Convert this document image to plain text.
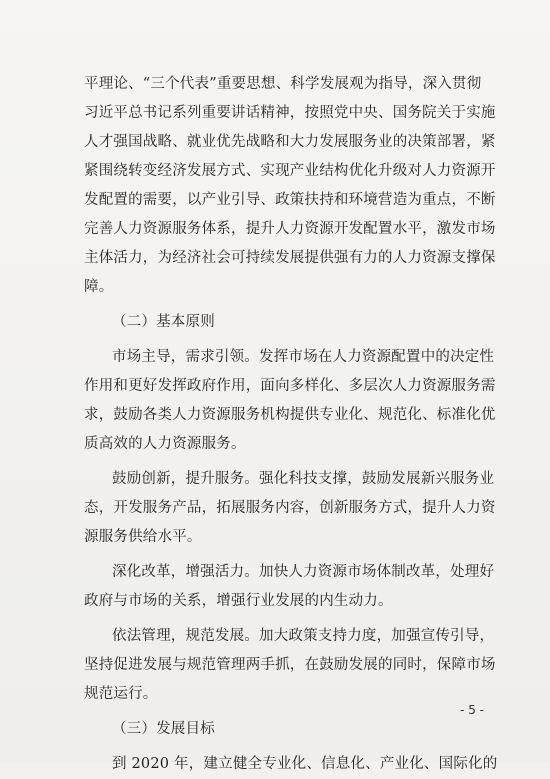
平理论、“三个代表”重要思想、科学发展观为指导，深入贯彻
习近平总书记系列重要讲话精神，按照党中央、国务院关于实施
人才强国战略、就业优先战略和大力发展服务业的决策部署，紧
紧围绕转变经济发展方式、实现产业结构优化升级对人力资源开
发配置的需要，以产业引导、政策扶持和环境营造为重点，不断
完善人力资源服务体系，提升人力资源开发配置水平，激发市场
主体活力，为经济社会可持续发展提供强有力的人力资源支撑保
障。
（二）基本原则
市场主导，需求引领。发挥市场在人力资源配置中的决定性
作用和更好发挥政府作用，面向多样化、多层次人力资源服务需
求，鼓励各类人力资源服务机构提供专业化、规范化、标准化优
质高效的人力资源服务。
鼓励创新，提升服务。强化科技支撑，鼓励发展新兴服务业
态，开发服务产品，拓展服务内容，创新服务方式，提升人力资
源服务供给水平。
深化改革，增强活力。加快人力资源市场体制改革，处理好
政府与市场的关系，增强行业发展的内生动力。
依法管理，规范发展。加大政策支持力度，加强宣传引导，
坚持促进发展与规范管理两手抓，在鼓励发展的同时，保障市场
规范运行。
（三）发展目标
到 2020 年，建立健全专业化、信息化、产业化、国际化的
- 5 -
